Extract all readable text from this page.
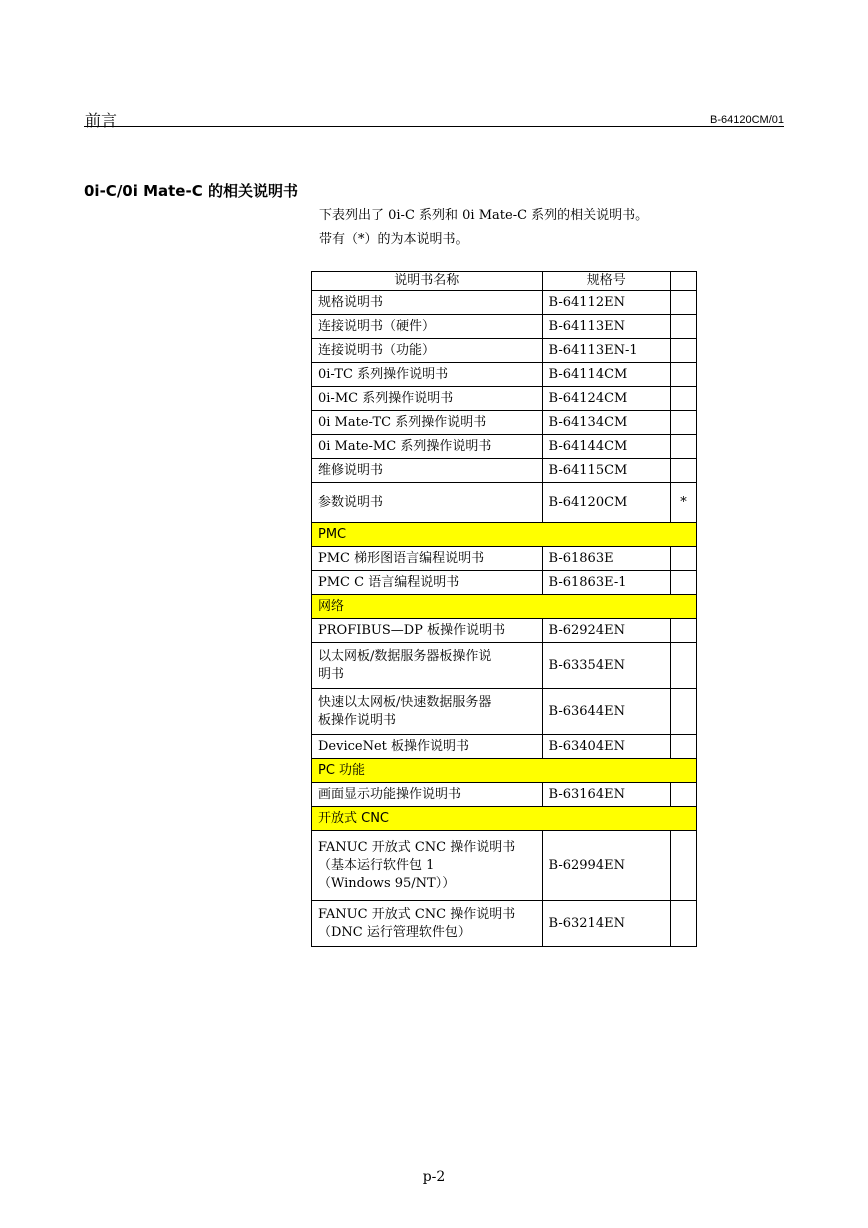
前言	B-64120CM/01
0i-C/0i Mate-C 的相关说明书
下表列出了 0i-C 系列和 0i Mate-C 系列的相关说明书。
带有（*）的为本说明书。
说明书名称	规格号	
规格说明书	B-64112EN	
连接说明书（硬件）	B-64113EN	
连接说明书（功能）	B-64113EN-1	
0i-TC 系列操作说明书	B-64114CM	
0i-MC 系列操作说明书	B-64124CM	
0i Mate-TC 系列操作说明书	B-64134CM	
0i Mate-MC 系列操作说明书	B-64144CM	
维修说明书	B-64115CM	
参数说明书	B-64120CM	*
PMC		
PMC 梯形图语言编程说明书	B-61863E	
PMC C 语言编程说明书	B-61863E-1	
网络		
PROFIBUS—DP 板操作说明书	B-62924EN	
以太网板/数据服务器板操作说
明书	B-63354EN	
快速以太网板/快速数据服务器
板操作说明书	B-63644EN	
DeviceNet 板操作说明书	B-63404EN	
PC 功能		
画面显示功能操作说明书	B-63164EN	
开放式 CNC		
FANUC 开放式 CNC 操作说明书
（基本运行软件包 1
（Windows 95/NT））	B-62994EN	
FANUC 开放式 CNC 操作说明书
（DNC 运行管理软件包）	B-63214EN	
p-2
